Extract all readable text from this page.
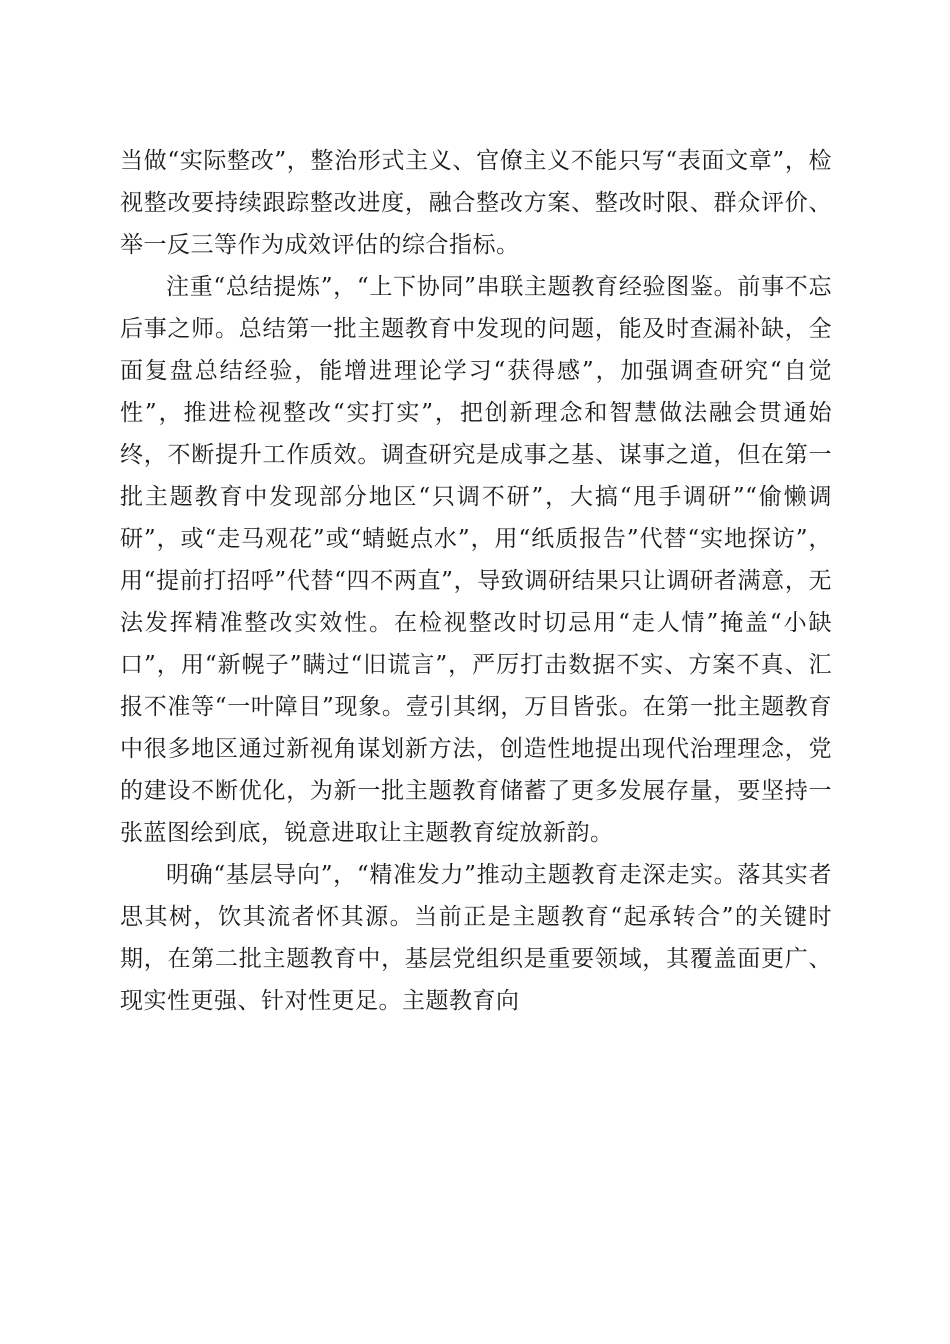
当做“实际整改”，整治形式主义、官僚主义不能只写“表面文章”，检视整改要持续跟踪整改进度，融合整改方案、整改时限、群众评价、举一反三等作为成效评估的综合指标。

注重“总结提炼”，“上下协同”串联主题教育经验图鉴。前事不忘后事之师。总结第一批主题教育中发现的问题，能及时查漏补缺，全面复盘总结经验，能增进理论学习“获得感”，加强调查研究“自觉性”，推进检视整改“实打实”，把创新理念和智慧做法融会贯通始终，不断提升工作质效。调查研究是成事之基、谋事之道，但在第一批主题教育中发现部分地区“只调不研”，大搞“甩手调研”“偷懒调研”，或“走马观花”或“蜻蜓点水”，用“纸质报告”代替“实地探访”，用“提前打招呼”代替“四不两直”，导致调研结果只让调研者满意，无法发挥精准整改实效性。在检视整改时切忌用“走人情”掩盖“小缺口”，用“新幌子”瞒过“旧谎言”，严厉打击数据不实、方案不真、汇报不准等“一叶障目”现象。壹引其纲，万目皆张。在第一批主题教育中很多地区通过新视角谋划新方法，创造性地提出现代治理理念，党的建设不断优化，为新一批主题教育储蓄了更多发展存量，要坚持一张蓝图绘到底，锐意进取让主题教育绽放新韵。

明确“基层导向”，“精准发力”推动主题教育走深走实。落其实者思其树，饮其流者怀其源。当前正是主题教育“起承转合”的关键时期，在第二批主题教育中，基层党组织是重要领域，其覆盖面更广、现实性更强、针对性更足。主题教育向
